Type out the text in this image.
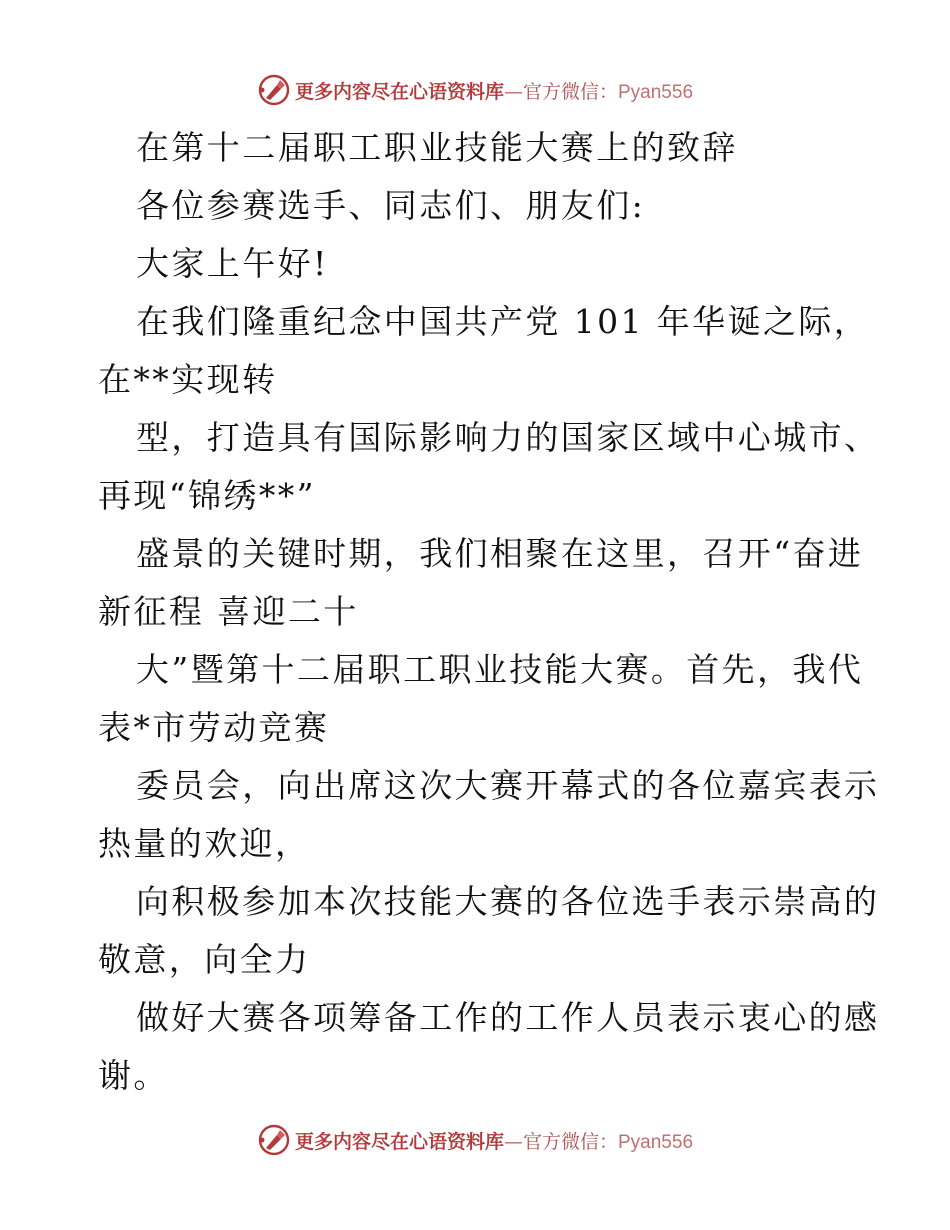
更多内容尽在心语资料库—官方微信：Pyan556
在第十二届职工职业技能大赛上的致辞
各位参赛选手、同志们、朋友们:
大家上午好!
在我们隆重纪念中国共产党 101 年华诞之际，
在**实现转
型，打造具有国际影响力的国家区域中心城市、
再现“锦绣**”
盛景的关键时期，我们相聚在这里，召开“奋进
新征程 喜迎二十
大”暨第十二届职工职业技能大赛。首先，我代
表*市劳动竞赛
委员会，向出席这次大赛开幕式的各位嘉宾表示
热量的欢迎，
向积极参加本次技能大赛的各位选手表示崇高的
敬意，向全力
做好大赛各项筹备工作的工作人员表示衷心的感
谢。
更多内容尽在心语资料库—官方微信：Pyan556
